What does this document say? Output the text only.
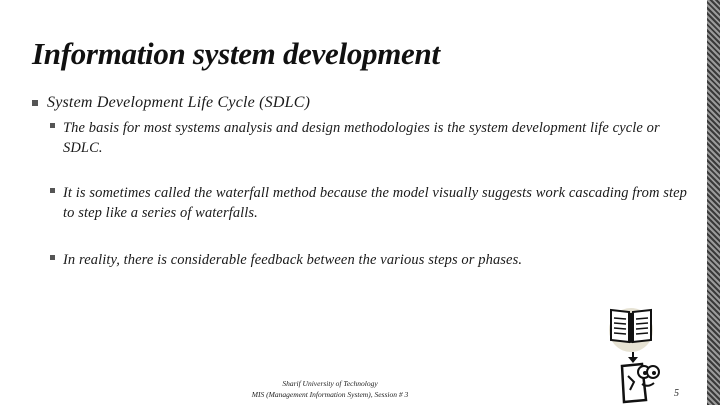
Information system development
System Development Life Cycle (SDLC)
The basis for most systems analysis and design methodologies is the system development life cycle or SDLC.
It is sometimes called the waterfall method because the model visually suggests work cascading from step to step like a series of waterfalls.
In reality, there is considerable feedback between the various steps or phases.
Sharif University of Technology
MIS (Management Information System), Session # 3	5
